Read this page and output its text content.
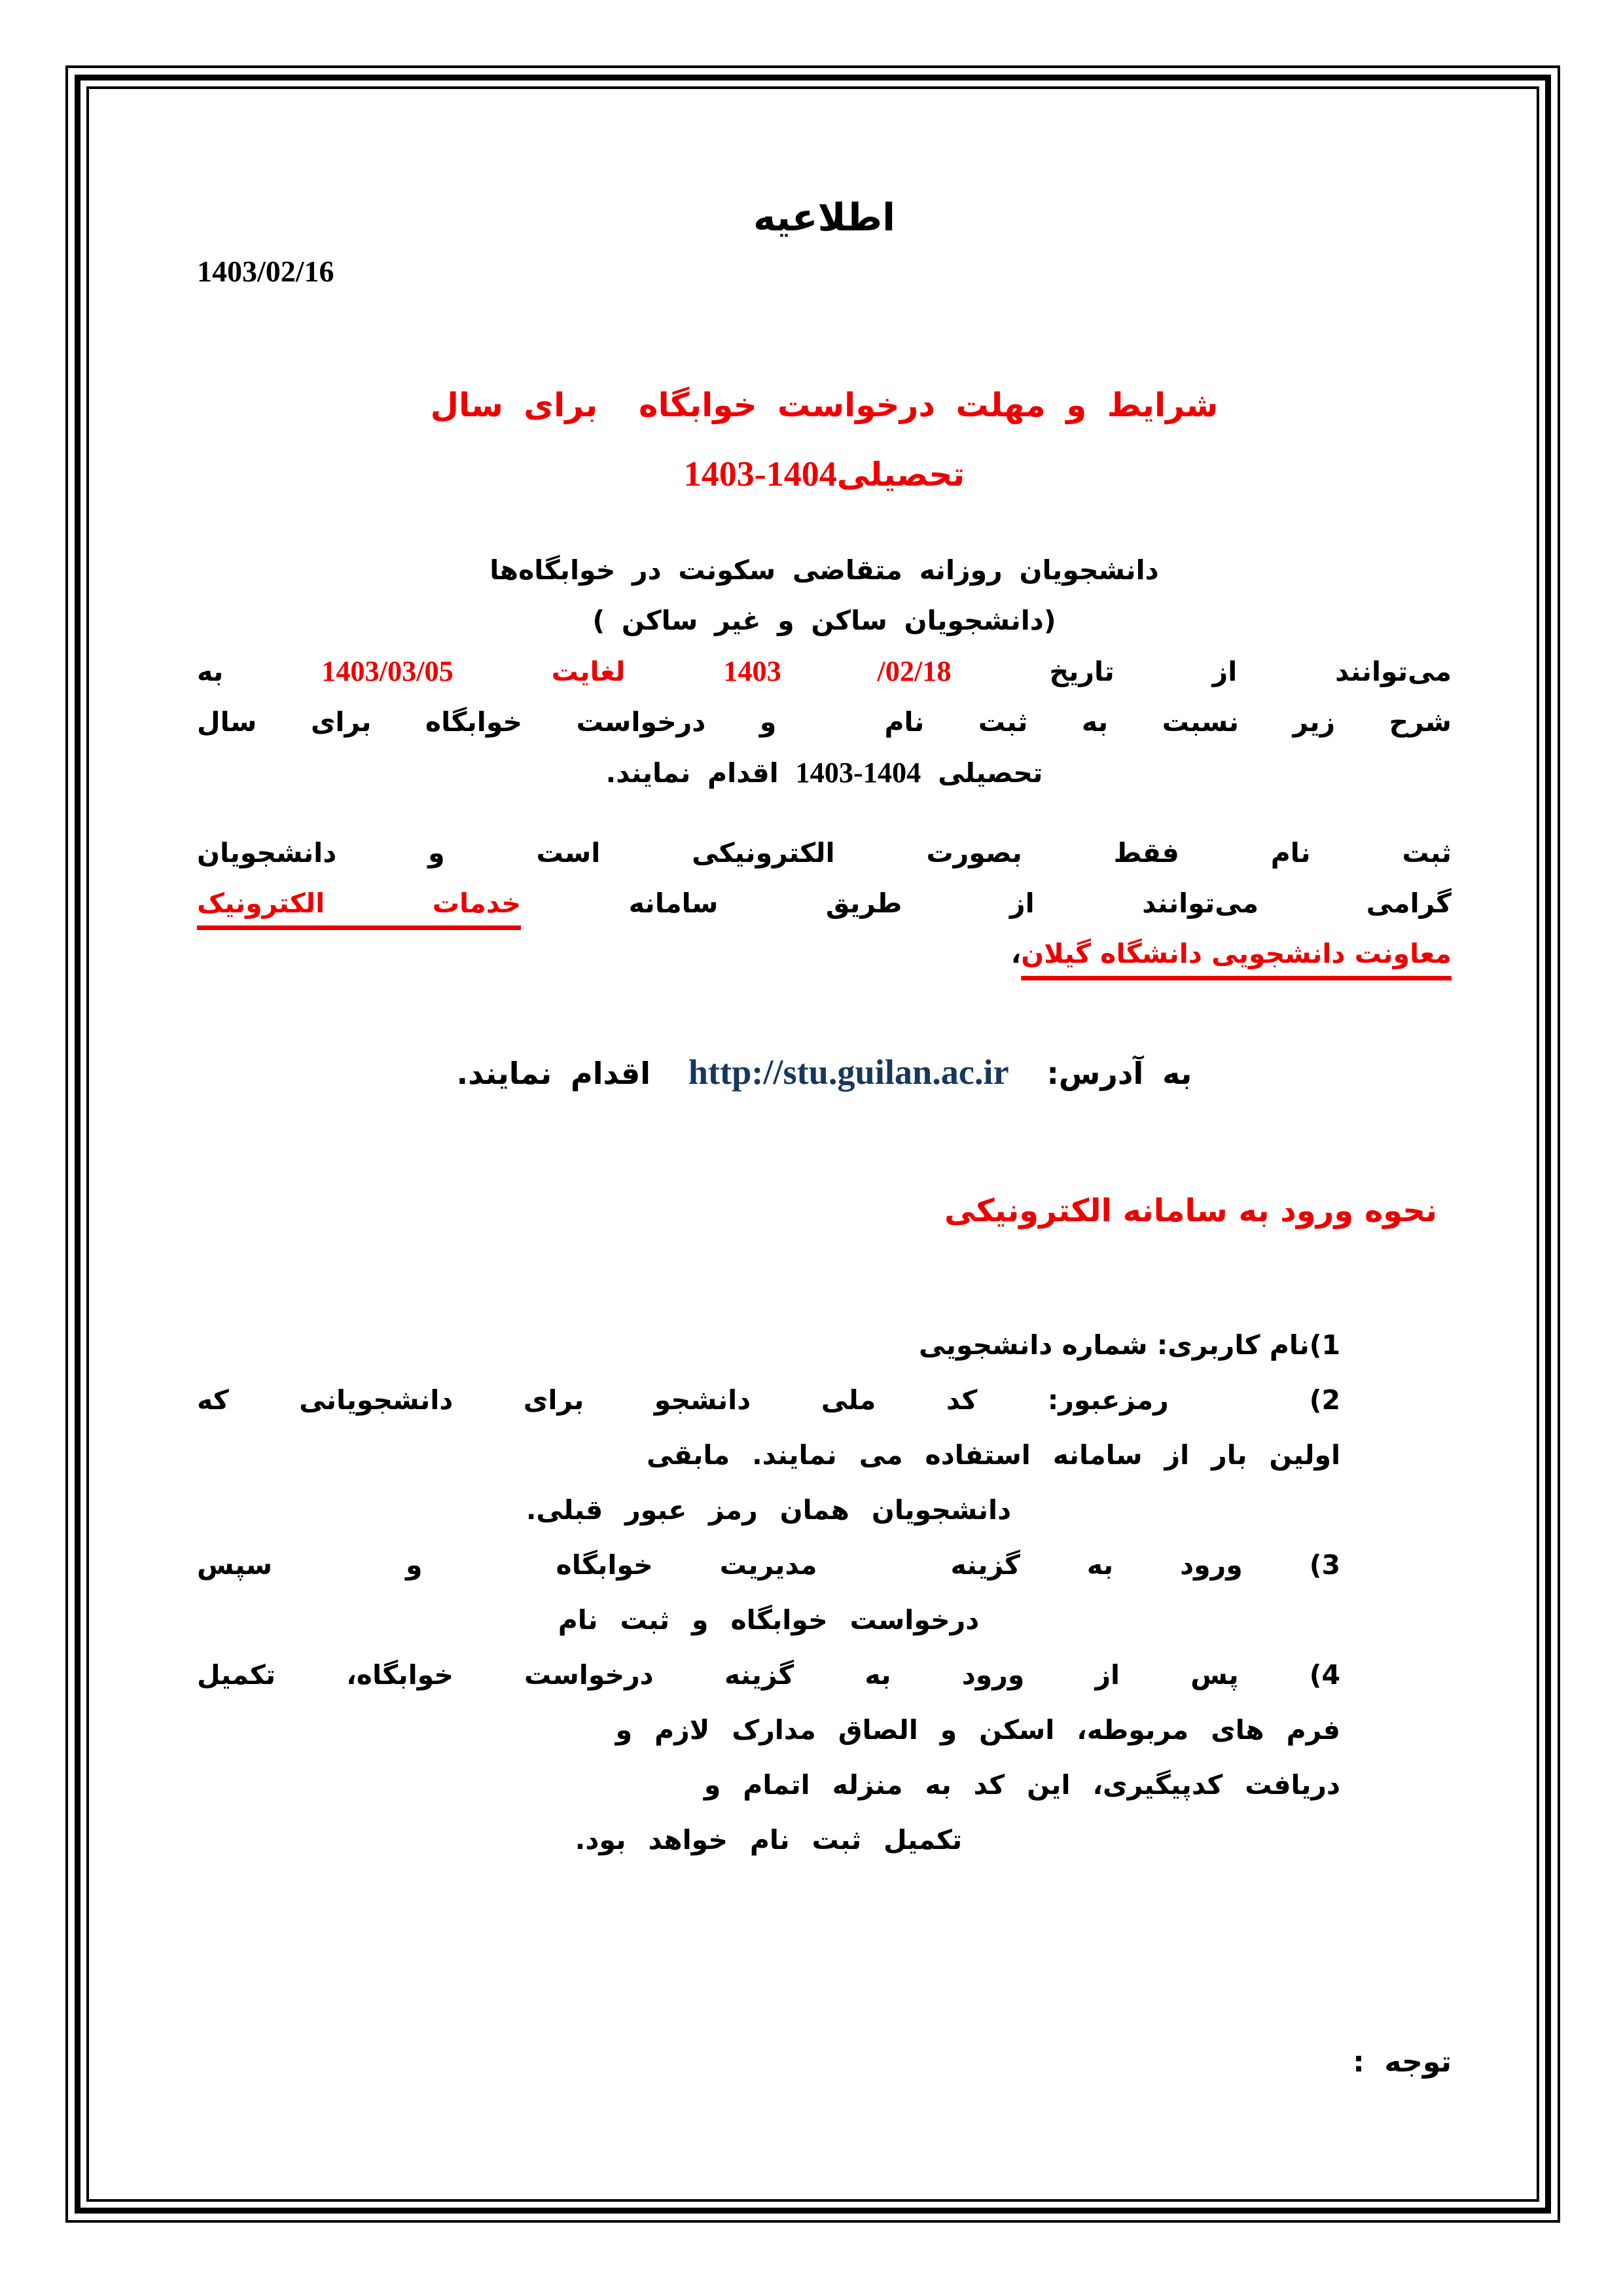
اطلاعیه
1403/02/16
شرایط و مهلت درخواست خوابگاه  برای سال
تحصیلی1403-1404
دانشجویان روزانه متقاضی سکونت در خوابگاه‌ها
(دانشجویان ساکن و غیر ساکن )
می‌توانند از تاریخ 1403 /02/18 لغایت 1403/03/05 به
شرح زیر نسبت به ثبت نام  و درخواست خوابگاه برای سال
تحصیلی 1403-1404 اقدام نمایند.
ثبت نام فقط بصورت الکترونیکی است و دانشجویان
گرامی می‌توانند از طریق سامانه خدمات الکترونیک
معاونت دانشجویی دانشگاه گیلان،
به آدرس:  http://stu.guilan.ac.ir  اقدام نمایند.
نحوه ورود به سامانه الکترونیکی
1)نام کاربری: شماره دانشجویی
2)  رمزعبور: کد ملی دانشجو برای دانشجویانی که
اولین بار از سامانه استفاده می نمایند. مابقی
دانشجویان همان رمز عبور قبلی.
3) ورود به گزینه  مدیریت خوابگاه  و  سپس
درخواست خوابگاه و ثبت نام
4) پس از ورود به گزینه درخواست خوابگاه، تکمیل
فرم های مربوطه، اسکن و الصاق مدارک لازم و
دریافت کدپیگیری، این کد به منزله اتمام و
تکمیل ثبت نام خواهد بود.
توجه  :
